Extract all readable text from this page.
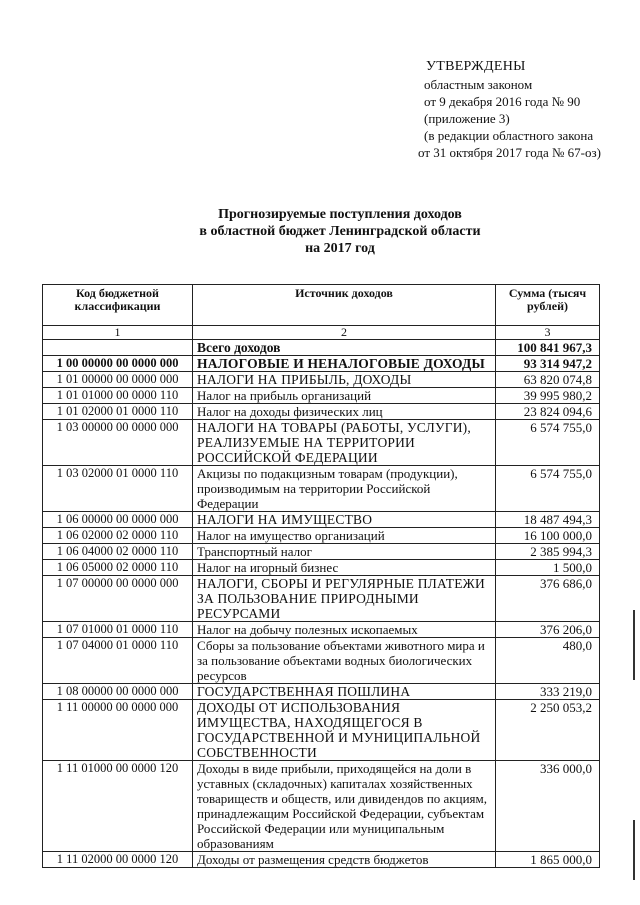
УТВЕРЖДЕНЫ
областным законом
от 9 декабря 2016 года № 90
(приложение 3)
(в редакции областного закона
от 31 октября 2017 года № 67-оз)
Прогнозируемые поступления доходов
в областной бюджет Ленинградской области
на 2017 год
Код бюджетной классификации	Источник доходов	Сумма (тысяч рублей)
1	2	3
	Всего доходов	100 841 967,3
1 00 00000 00 0000 000	НАЛОГОВЫЕ И НЕНАЛОГОВЫЕ ДОХОДЫ	93 314 947,2
1 01 00000 00 0000 000	НАЛОГИ НА ПРИБЫЛЬ, ДОХОДЫ	63 820 074,8
1 01 01000 00 0000 110	Налог на прибыль организаций	39 995 980,2
1 01 02000 01 0000 110	Налог на доходы физических лиц	23 824 094,6
1 03 00000 00 0000 000	НАЛОГИ НА ТОВАРЫ (РАБОТЫ, УСЛУГИ), РЕАЛИЗУЕМЫЕ НА ТЕРРИТОРИИ РОССИЙСКОЙ ФЕДЕРАЦИИ	6 574 755,0
1 03 02000 01 0000 110	Акцизы по подакцизным товарам (продукции), производимым на территории Российской Федерации	6 574 755,0
1 06 00000 00 0000 000	НАЛОГИ НА ИМУЩЕСТВО	18 487 494,3
1 06 02000 02 0000 110	Налог на имущество организаций	16 100 000,0
1 06 04000 02 0000 110	Транспортный налог	2 385 994,3
1 06 05000 02 0000 110	Налог на игорный бизнес	1 500,0
1 07 00000 00 0000 000	НАЛОГИ, СБОРЫ И РЕГУЛЯРНЫЕ ПЛАТЕЖИ ЗА ПОЛЬЗОВАНИЕ ПРИРОДНЫМИ РЕСУРСАМИ	376 686,0
1 07 01000 01 0000 110	Налог на добычу полезных ископаемых	376 206,0
1 07 04000 01 0000 110	Сборы за пользование объектами животного мира и за пользование объектами водных биологических ресурсов	480,0
1 08 00000 00 0000 000	ГОСУДАРСТВЕННАЯ ПОШЛИНА	333 219,0
1 11 00000 00 0000 000	ДОХОДЫ ОТ ИСПОЛЬЗОВАНИЯ ИМУЩЕСТВА, НАХОДЯЩЕГОСЯ В ГОСУДАРСТВЕННОЙ И МУНИЦИПАЛЬНОЙ СОБСТВЕННОСТИ	2 250 053,2
1 11 01000 00 0000 120	Доходы в виде прибыли, приходящейся на доли в уставных (складочных) капиталах хозяйственных товариществ и обществ, или дивидендов по акциям, принадлежащим Российской Федерации, субъектам Российской Федерации или муниципальным образованиям	336 000,0
1 11 02000 00 0000 120	Доходы от размещения средств бюджетов	1 865 000,0
